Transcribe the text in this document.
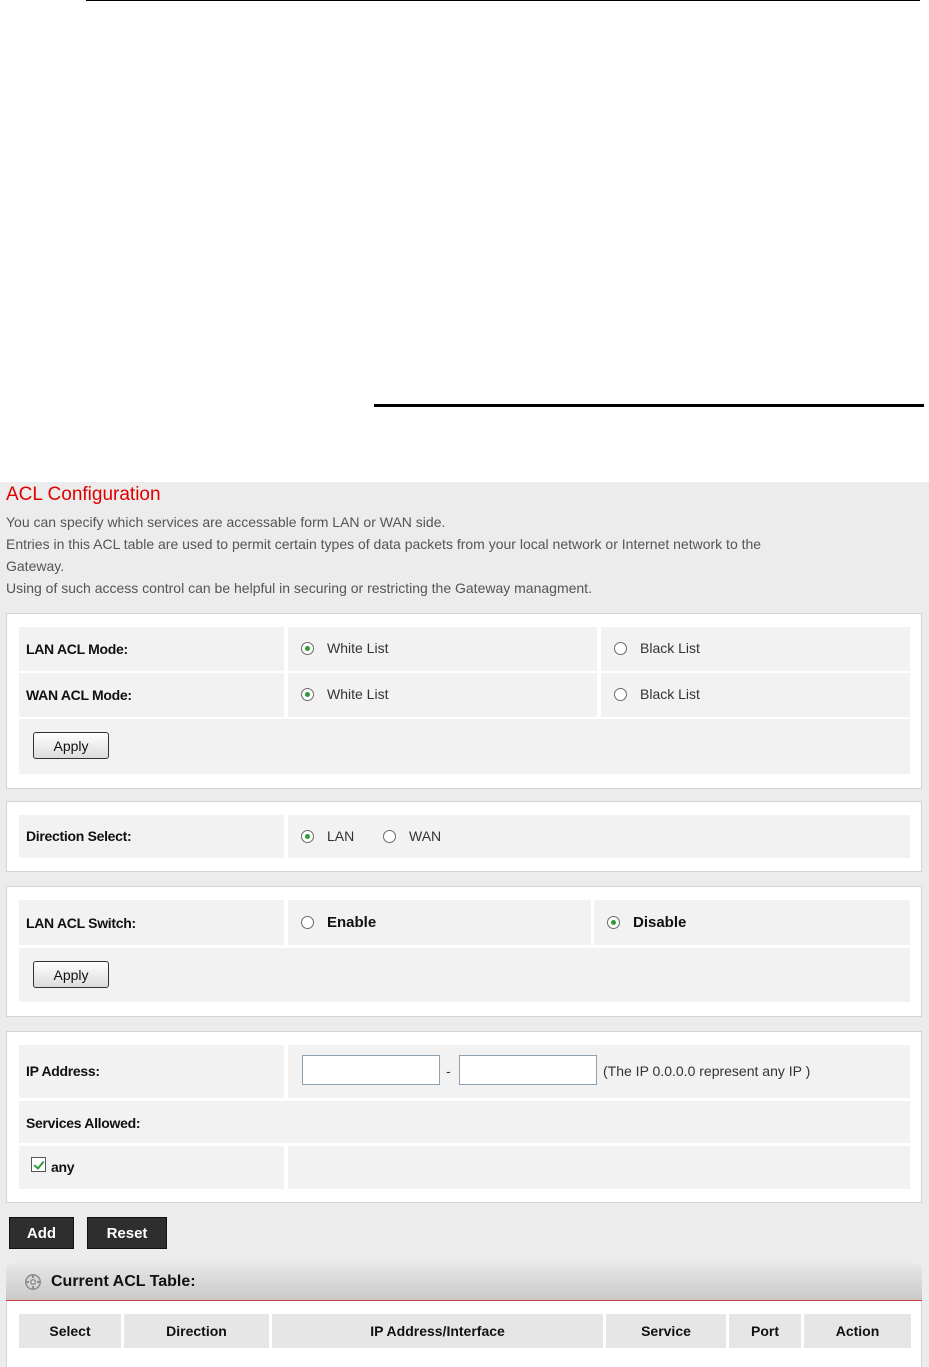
ACL Configuration
You can specify which services are accessable form LAN or WAN side.
Entries in this ACL table are used to permit certain types of data packets from your local network or Internet network to the
Gateway.
Using of such access control can be helpful in securing or restricting the Gateway managment.
LAN ACL Mode:	White List	Black List
WAN ACL Mode:	White List	Black List
Apply
Direction Select:	LAN	WAN
LAN ACL Switch:	Enable	Disable
Apply
IP Address:	-	(The IP 0.0.0.0 represent any IP )
Services Allowed:
any
Add	Reset
Current ACL Table:
Select	Direction	IP Address/Interface	Service	Port	Action
